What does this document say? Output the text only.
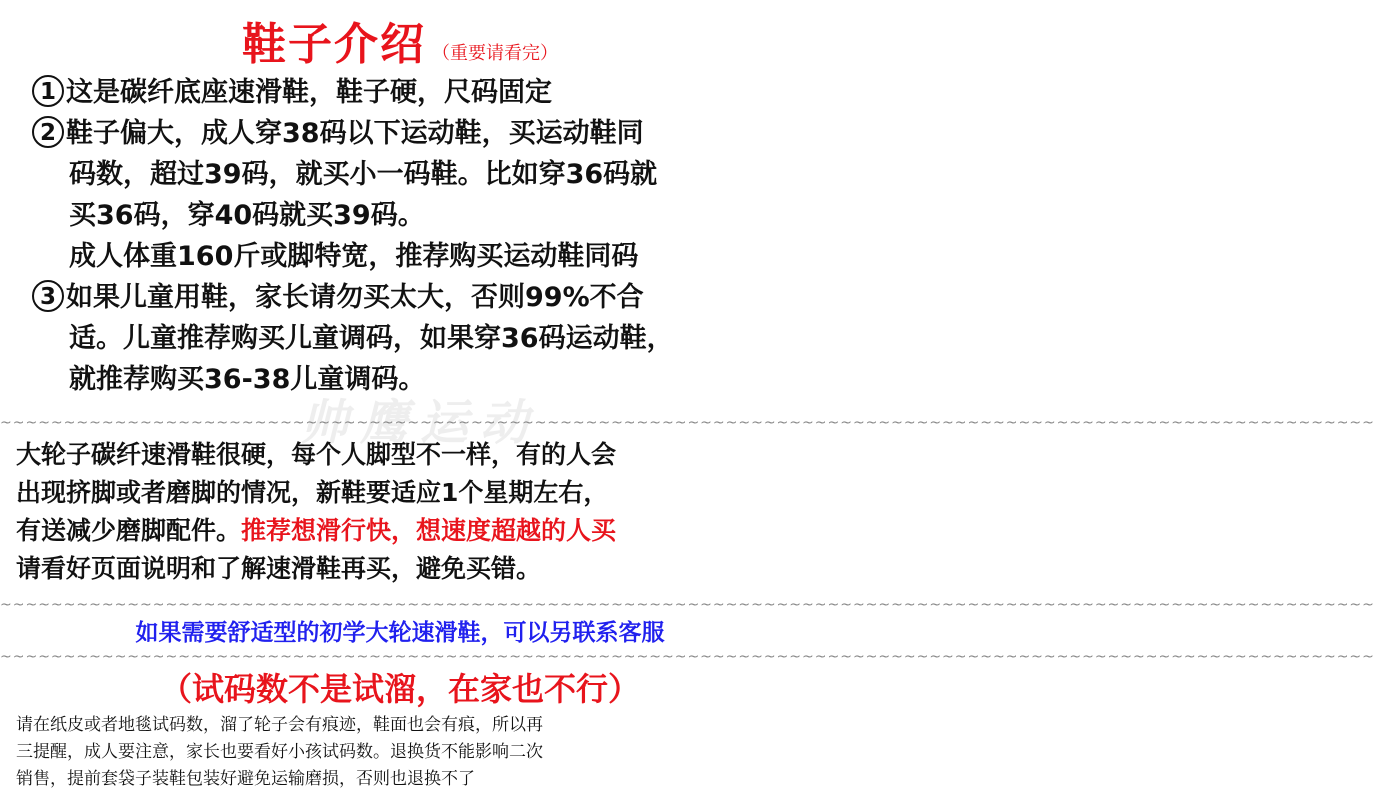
鞋子介绍 （重要请看完）
1 这是碳纤底座速滑鞋，鞋子硬，尺码固定
2 鞋子偏大，成人穿38码以下运动鞋，买运动鞋同
码数，超过39码，就买小一码鞋。比如穿36码就
买36码，穿40码就买39码。
成人体重160斤或脚特宽，推荐购买运动鞋同码
3 如果儿童用鞋，家长请勿买太大，否则99%不合
适。儿童推荐购买儿童调码，如果穿36码运动鞋，
就推荐购买36-38儿童调码。
帅鹰运动
~~~~~~~~~~~~~~~~~~~~~~~~~~~~~~~~~~~~~~~~~~~~~~~~~~~~~~~~~~~~~~~~~~~~~~~~~~~~~~~~~~~~~~~~~~~~~~~~~~~~~~~~~~~~
大轮子碳纤速滑鞋很硬，每个人脚型不一样，有的人会
出现挤脚或者磨脚的情况，新鞋要适应1个星期左右，
有送减少磨脚配件。推荐想滑行快，想速度超越的人买
请看好页面说明和了解速滑鞋再买，避免买错。
~~~~~~~~~~~~~~~~~~~~~~~~~~~~~~~~~~~~~~~~~~~~~~~~~~~~~~~~~~~~~~~~~~~~~~~~~~~~~~~~~~~~~~~~~~~~~~~~~~~~~~~~~~~~
如果需要舒适型的初学大轮速滑鞋，可以另联系客服
~~~~~~~~~~~~~~~~~~~~~~~~~~~~~~~~~~~~~~~~~~~~~~~~~~~~~~~~~~~~~~~~~~~~~~~~~~~~~~~~~~~~~~~~~~~~~~~~~~~~~~~~~~~~
（试码数不是试溜，在家也不行）
请在纸皮或者地毯试码数，溜了轮子会有痕迹，鞋面也会有痕，所以再
三提醒，成人要注意，家长也要看好小孩试码数。退换货不能影响二次
销售，提前套袋子装鞋包装好避免运输磨损，否则也退换不了
